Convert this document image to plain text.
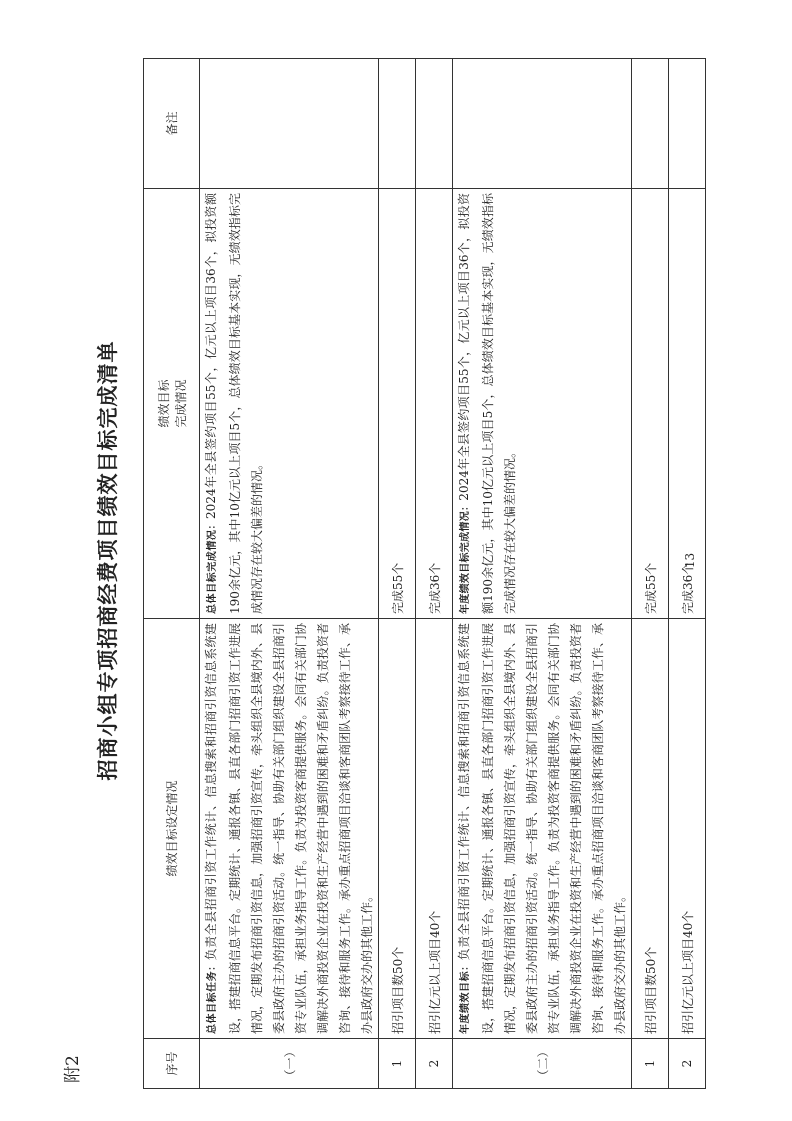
附2
招商小组专项招商经费项目绩效目标完成清单
序号	绩效目标设定情况	绩效目标 完成情况	备注
（一）	总体目标任务：负责全县招商引资工作统计、信息搜索和招商引资信息系统建设，搭建招商信息平台。定期统计、通报各镇、县直各部门招商引资工作进展情况，定期发布招商引资信息，加强招商引资宣传，牵头组织全县境内外、县委县政府主办的招商引资活动。统一指导、协助有关部门组织建设全县招商引资专业队伍，承担业务指导工作。负责为投资客商提供服务。会同有关部门协调解决外商投资企业在投资和生产经营中遇到的困难和矛盾纠纷。负责投资者咨询、接待和服务工作。承办重点招商项目洽谈和客商团队考察接待工作、承办县政府交办的其他工作。	总体目标完成情况：2024年全县签约项目55个，亿元以上项目36个，拟投资额190余亿元，其中10亿元以上项目5个，总体绩效目标基本实现，无绩效指标完成情况存在较大偏差的情况。	
1	招引项目数50个	完成55个	
2	招引亿元以上项目40个	完成36个	
（二）	年度绩效目标：负责全县招商引资工作统计、信息搜索和招商引资信息系统建设，搭建招商信息平台。定期统计、通报各镇、县直各部门招商引资工作进展情况，定期发布招商引资信息，加强招商引资宣传，牵头组织全县境内外、县委县政府主办的招商引资活动。统一指导、协助有关部门组织建设全县招商引资专业队伍，承担业务指导工作。负责为投资客商提供服务。会同有关部门协调解决外商投资企业在投资和生产经营中遇到的困难和矛盾纠纷。负责投资者咨询、接待和服务工作。承办重点招商项目洽谈和客商团队考察接待工作、承办县政府交办的其他工作。	年度绩效目标完成情况：2024年全县签约项目55个，亿元以上项目36个，拟投资额190余亿元，其中10亿元以上项目5个，总体绩效目标基本实现，无绩效指标完成情况存在较大偏差的情况。	
1	招引项目数50个	完成55个	
2	招引亿元以上项目40个	完成36个	
13
